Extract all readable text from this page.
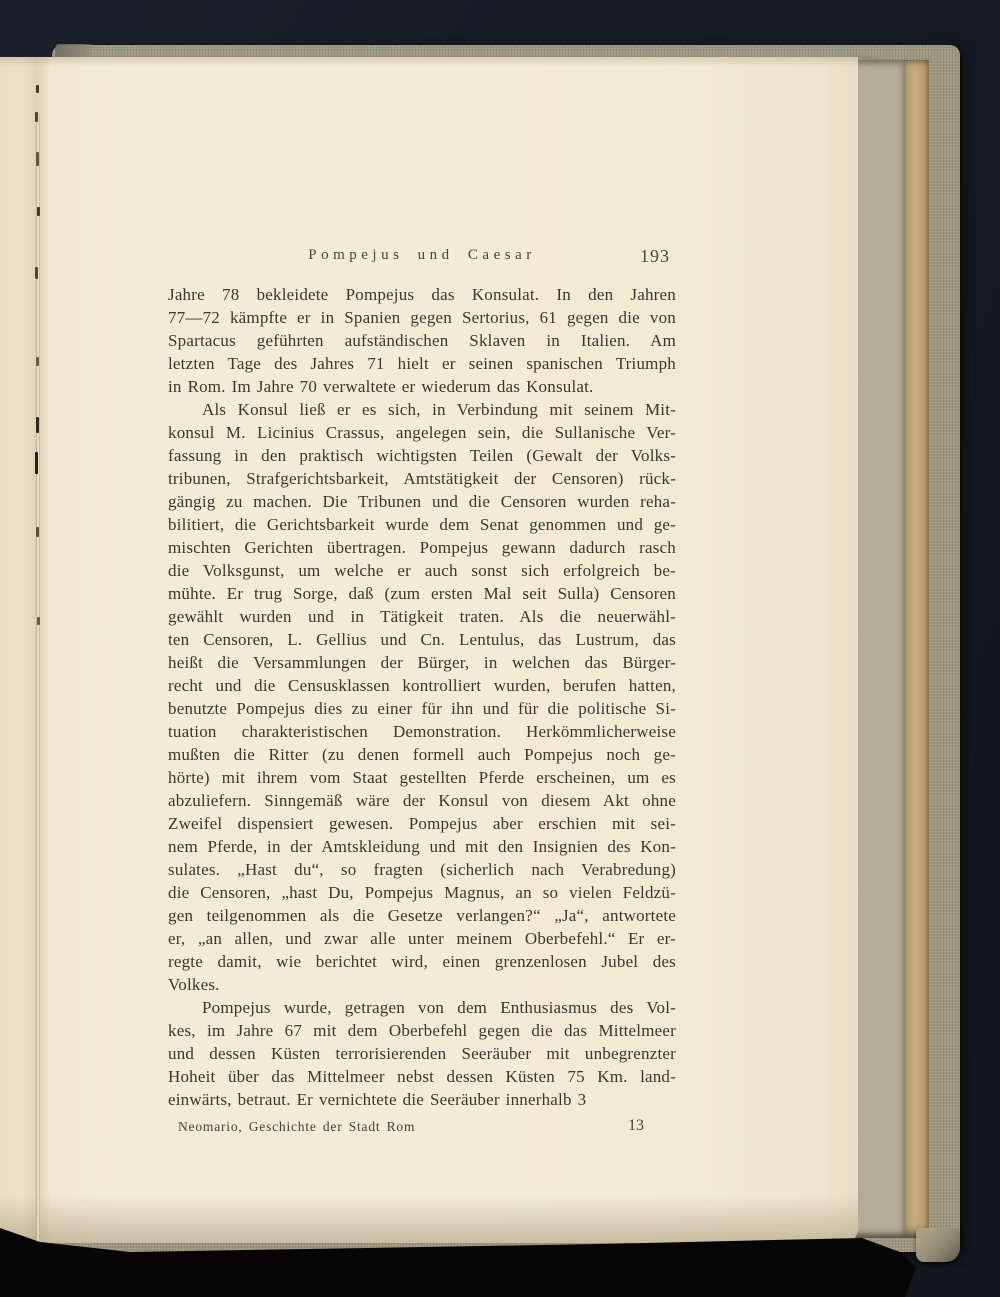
Pompejus und Caesar	193
Jahre 78 bekleidete Pompejus das Konsulat. In den Jahren
77—72 kämpfte er in Spanien gegen Sertorius, 61 gegen die von
Spartacus geführten aufständischen Sklaven in Italien. Am
letzten Tage des Jahres 71 hielt er seinen spanischen Triumph
in Rom. Im Jahre 70 verwaltete er wiederum das Konsulat.
Als Konsul ließ er es sich, in Verbindung mit seinem Mit-
konsul M. Licinius Crassus, angelegen sein, die Sullanische Ver-
fassung in den praktisch wichtigsten Teilen (Gewalt der Volks-
tribunen, Strafgerichtsbarkeit, Amtstätigkeit der Censoren) rück-
gängig zu machen. Die Tribunen und die Censoren wurden reha-
bilitiert, die Gerichtsbarkeit wurde dem Senat genommen und ge-
mischten Gerichten übertragen. Pompejus gewann dadurch rasch
die Volksgunst, um welche er auch sonst sich erfolgreich be-
mühte. Er trug Sorge, daß (zum ersten Mal seit Sulla) Censoren
gewählt wurden und in Tätigkeit traten. Als die neuerwähl-
ten Censoren, L. Gellius und Cn. Lentulus, das Lustrum, das
heißt die Versammlungen der Bürger, in welchen das Bürger-
recht und die Censusklassen kontrolliert wurden, berufen hatten,
benutzte Pompejus dies zu einer für ihn und für die politische Si-
tuation charakteristischen Demonstration. Herkömmlicherweise
mußten die Ritter (zu denen formell auch Pompejus noch ge-
hörte) mit ihrem vom Staat gestellten Pferde erscheinen, um es
abzuliefern. Sinngemäß wäre der Konsul von diesem Akt ohne
Zweifel dispensiert gewesen. Pompejus aber erschien mit sei-
nem Pferde, in der Amtskleidung und mit den Insignien des Kon-
sulates. „Hast du“, so fragten (sicherlich nach Verabredung)
die Censoren, „hast Du, Pompejus Magnus, an so vielen Feldzü-
gen teilgenommen als die Gesetze verlangen?“ „Ja“, antwortete
er, „an allen, und zwar alle unter meinem Oberbefehl.“ Er er-
regte damit, wie berichtet wird, einen grenzenlosen Jubel des
Volkes.
Pompejus wurde, getragen von dem Enthusiasmus des Vol-
kes, im Jahre 67 mit dem Oberbefehl gegen die das Mittelmeer
und dessen Küsten terrorisierenden Seeräuber mit unbegrenzter
Hoheit über das Mittelmeer nebst dessen Küsten 75 Km. land-
einwärts, betraut. Er vernichtete die Seeräuber innerhalb 3
Neomario, Geschichte der Stadt Rom	13
